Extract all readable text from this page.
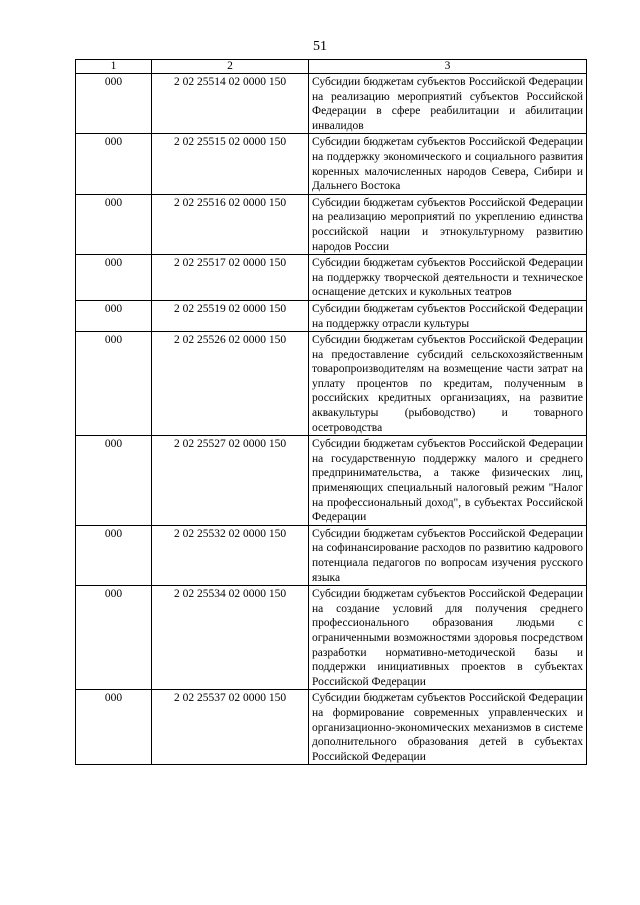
51
1	2	3
000	2 02 25514 02 0000 150	Субсидии бюджетам субъектов Российской Федерации на реализацию мероприятий субъектов Российской Федерации в сфере реабилитации и абилитации инвалидов
000	2 02 25515 02 0000 150	Субсидии бюджетам субъектов Российской Федерации на поддержку экономического и социального развития коренных малочисленных народов Севера, Сибири и Дальнего Востока
000	2 02 25516 02 0000 150	Субсидии бюджетам субъектов Российской Федерации на реализацию мероприятий по укреплению единства российской нации и этнокультурному развитию народов России
000	2 02 25517 02 0000 150	Субсидии бюджетам субъектов Российской Федерации на поддержку творческой деятельности и техническое оснащение детских и кукольных театров
000	2 02 25519 02 0000 150	Субсидии бюджетам субъектов Российской Федерации на поддержку отрасли культуры
000	2 02 25526 02 0000 150	Субсидии бюджетам субъектов Российской Федерации на предоставление субсидий сельскохозяйственным товаропроизводителям на возмещение части затрат на уплату процентов по кредитам, полученным в российских кредитных организациях, на развитие аквакультуры (рыбоводство) и товарного осетроводства
000	2 02 25527 02 0000 150	Субсидии бюджетам субъектов Российской Федерации на государственную поддержку малого и среднего предпринимательства, а также физических лиц, применяющих специальный налоговый режим "Налог на профессиональный доход", в субъектах Российской Федерации
000	2 02 25532 02 0000 150	Субсидии бюджетам субъектов Российской Федерации на софинансирование расходов по развитию кадрового потенциала педагогов по вопросам изучения русского языка
000	2 02 25534 02 0000 150	Субсидии бюджетам субъектов Российской Федерации на создание условий для получения среднего профессионального образования людьми с ограниченными возможностями здоровья посредством разработки нормативно-методической базы и поддержки инициативных проектов в субъектах Российской Федерации
000	2 02 25537 02 0000 150	Субсидии бюджетам субъектов Российской Федерации на формирование современных управленческих и организационно-экономических механизмов в системе дополнительного образования детей в субъектах Российской Федерации
